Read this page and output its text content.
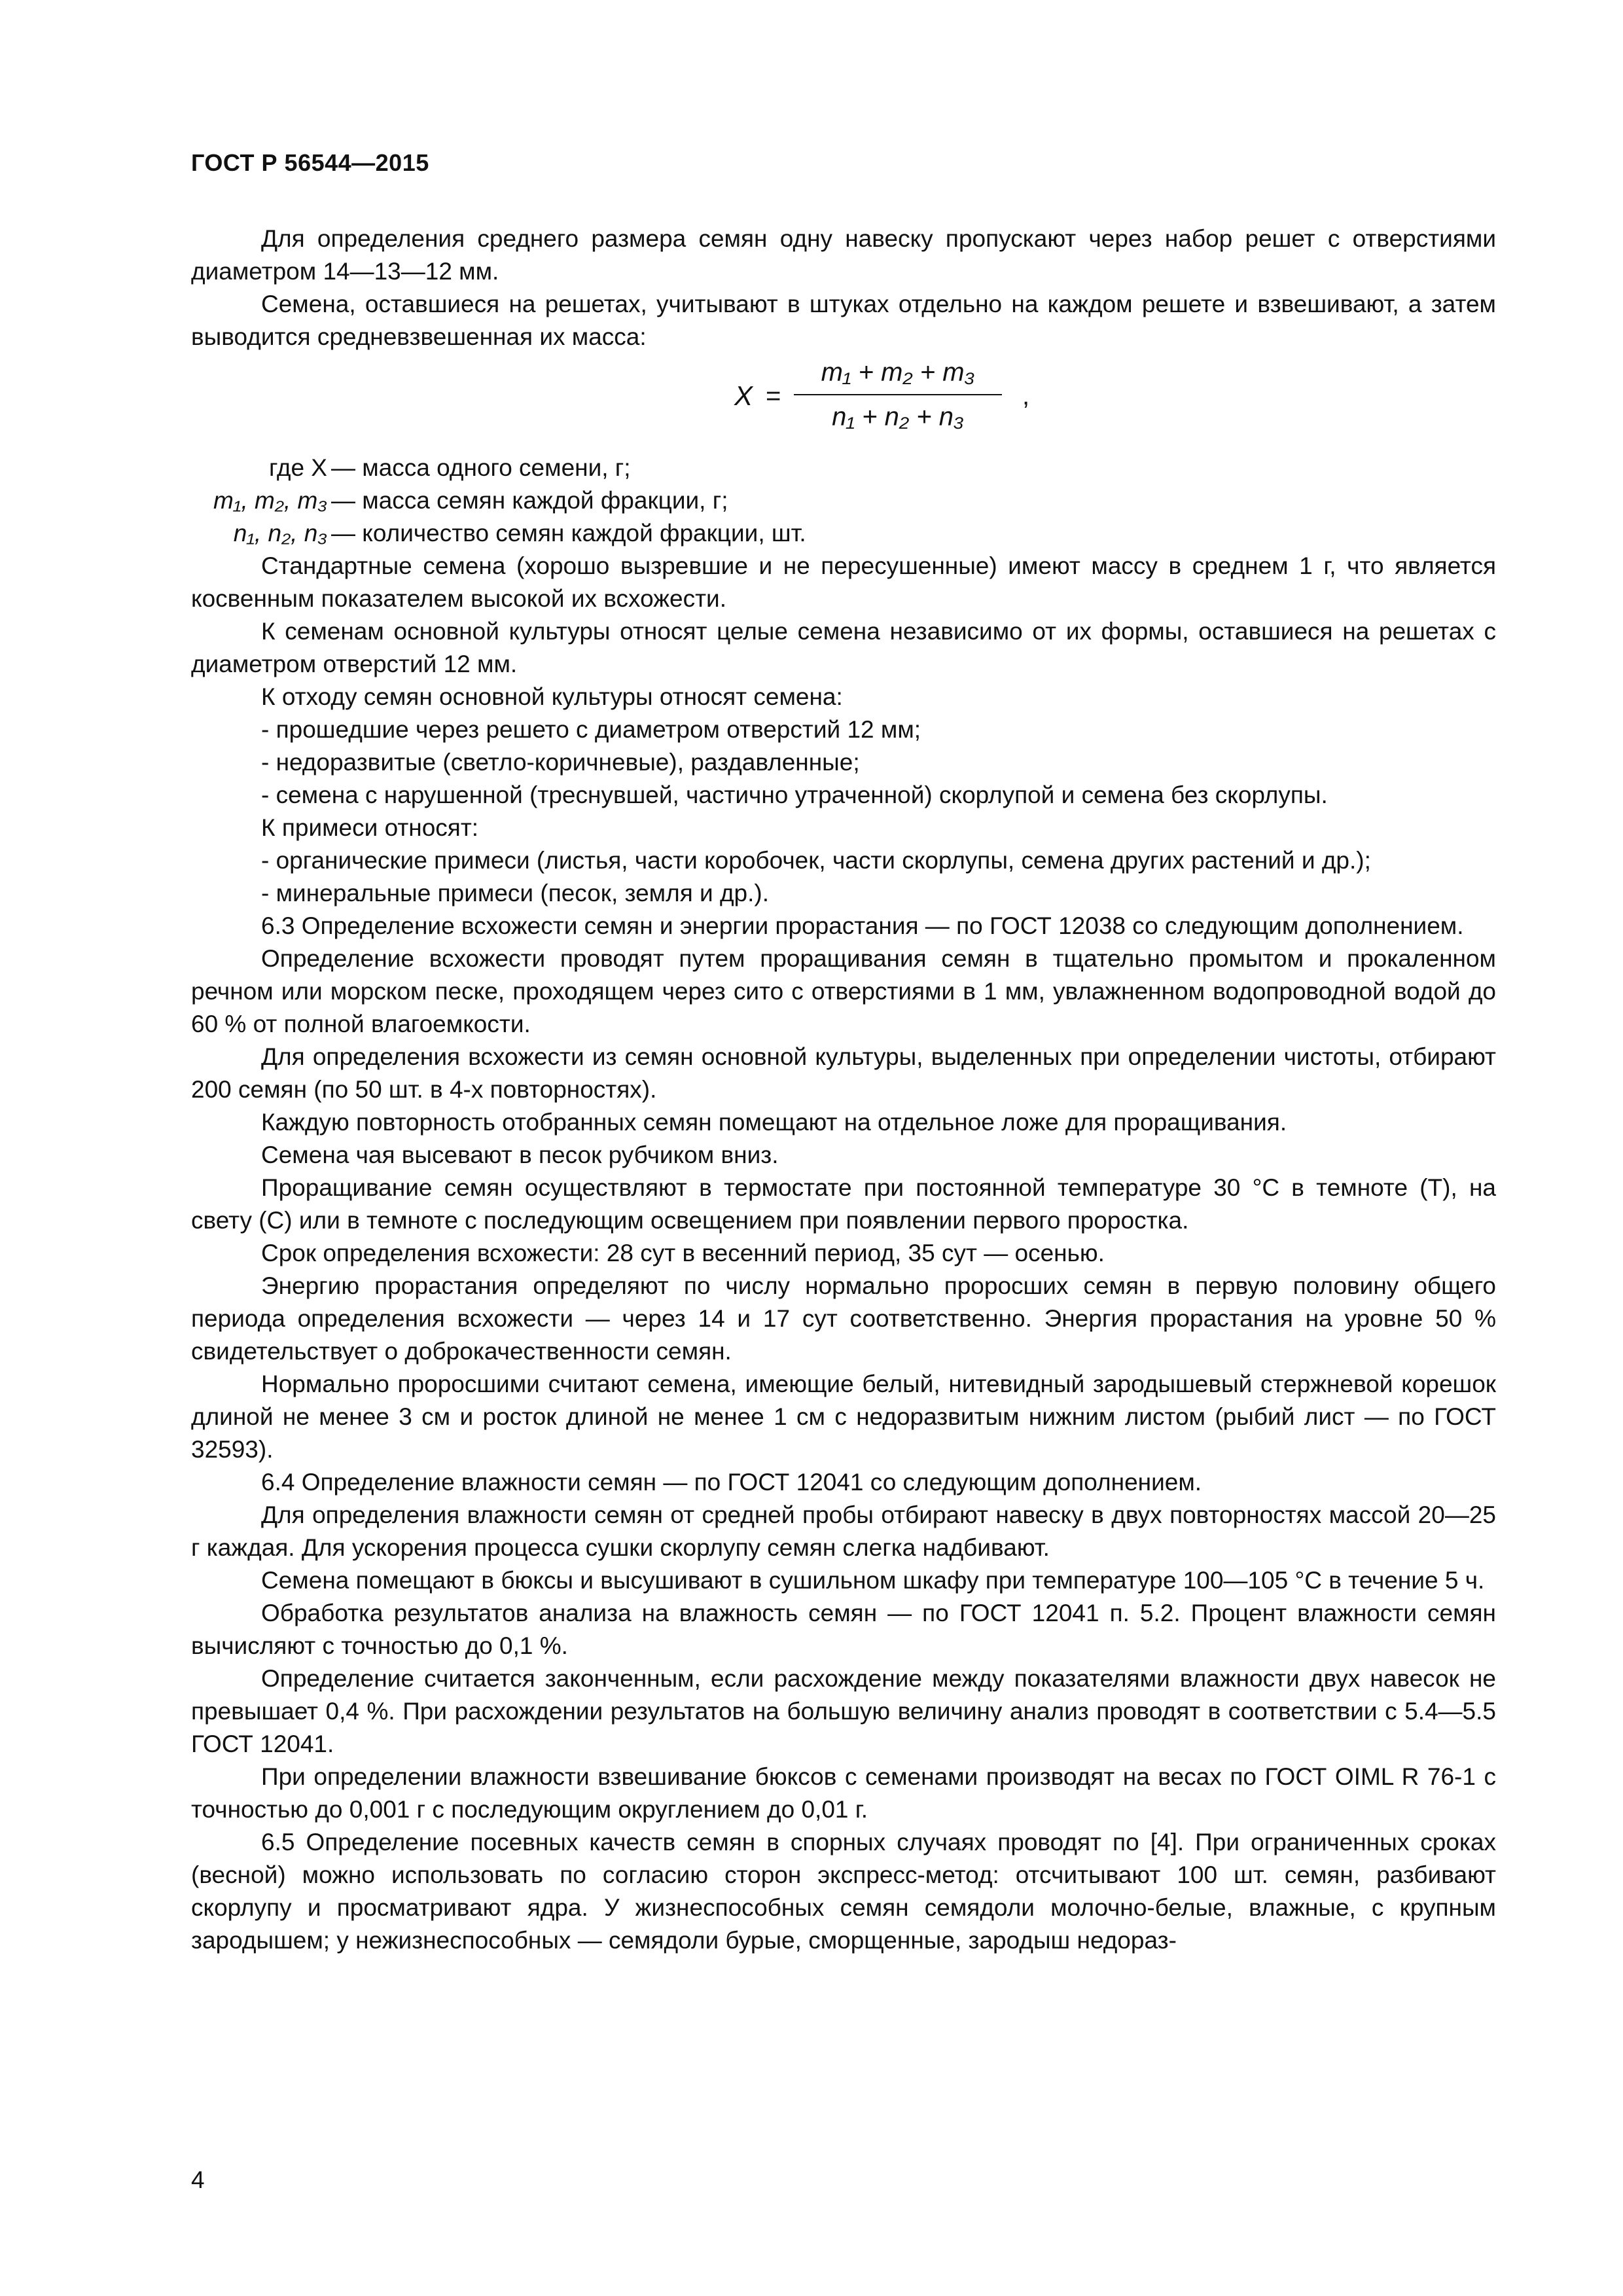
ГОСТ Р 56544—2015

Для определения среднего размера семян одну навеску пропускают через набор решет с отверстиями диаметром 14—13—12 мм.

Семена, оставшиеся на решетах, учитывают в штуках отдельно на каждом решете и взвешивают, а затем выводится средневзвешенная их масса:

X =
m₁ + m₂ + m₃
n₁ + n₂ + n₃
,
где X — масса одного семени, г;
m₁, m₂, m₃ — масса семян каждой фракции, г;
n₁, n₂, n₃ — количество семян каждой фракции, шт.

Стандартные семена (хорошо вызревшие и не пересушенные) имеют массу в среднем 1 г, что является косвенным показателем высокой их всхожести.

К семенам основной культуры относят целые семена независимо от их формы, оставшиеся на решетах с диаметром отверстий 12 мм.

К отходу семян основной культуры относят семена:

- прошедшие через решето с диаметром отверстий 12 мм;

- недоразвитые (светло-коричневые), раздавленные;

- семена с нарушенной (треснувшей, частично утраченной) скорлупой и семена без скорлупы.

К примеси относят:

- органические примеси (листья, части коробочек, части скорлупы, семена других растений и др.);

- минеральные примеси (песок, земля и др.).

6.3 Определение всхожести семян и энергии прорастания — по ГОСТ 12038 со следующим дополнением.

Определение всхожести проводят путем проращивания семян в тщательно промытом и прокаленном речном или морском песке, проходящем через сито с отверстиями в 1 мм, увлажненном водопроводной водой до 60 % от полной влагоемкости.

Для определения всхожести из семян основной культуры, выделенных при определении чистоты, отбирают 200 семян (по 50 шт. в 4-х повторностях).

Каждую повторность отобранных семян помещают на отдельное ложе для проращивания.

Семена чая высевают в песок рубчиком вниз.

Проращивание семян осуществляют в термостате при постоянной температуре 30 °С в темноте (Т), на свету (С) или в темноте с последующим освещением при появлении первого проростка.

Срок определения всхожести: 28 сут в весенний период, 35 сут — осенью.

Энергию прорастания определяют по числу нормально проросших семян в первую половину общего периода определения всхожести — через 14 и 17 сут соответственно. Энергия прорастания на уровне 50 % свидетельствует о доброкачественности семян.

Нормально проросшими считают семена, имеющие белый, нитевидный зародышевый стержневой корешок длиной не менее 3 см и росток длиной не менее 1 см с недоразвитым нижним листом (рыбий лист — по ГОСТ 32593).

6.4 Определение влажности семян — по ГОСТ 12041 со следующим дополнением.

Для определения влажности семян от средней пробы отбирают навеску в двух повторностях массой 20—25 г каждая. Для ускорения процесса сушки скорлупу семян слегка надбивают.

Семена помещают в бюксы и высушивают в сушильном шкафу при температуре 100—105 °С в течение 5 ч.

Обработка результатов анализа на влажность семян — по ГОСТ 12041 п. 5.2. Процент влажности семян вычисляют с точностью до 0,1 %.

Определение считается законченным, если расхождение между показателями влажности двух навесок не превышает 0,4 %. При расхождении результатов на большую величину анализ проводят в соответствии с 5.4—5.5 ГОСТ 12041.

При определении влажности взвешивание бюксов с семенами производят на весах по ГОСТ OIML R 76-1 с точностью до 0,001 г с последующим округлением до 0,01 г.

6.5 Определение посевных качеств семян в спорных случаях проводят по [4]. При ограниченных сроках (весной) можно использовать по согласию сторон экспресс-метод: отсчитывают 100 шт. семян, разбивают скорлупу и просматривают ядра. У жизнеспособных семян семядоли молочно-белые, влажные, с крупным зародышем; у нежизнеспособных — семядоли бурые, сморщенные, зародыш недораз-

4
